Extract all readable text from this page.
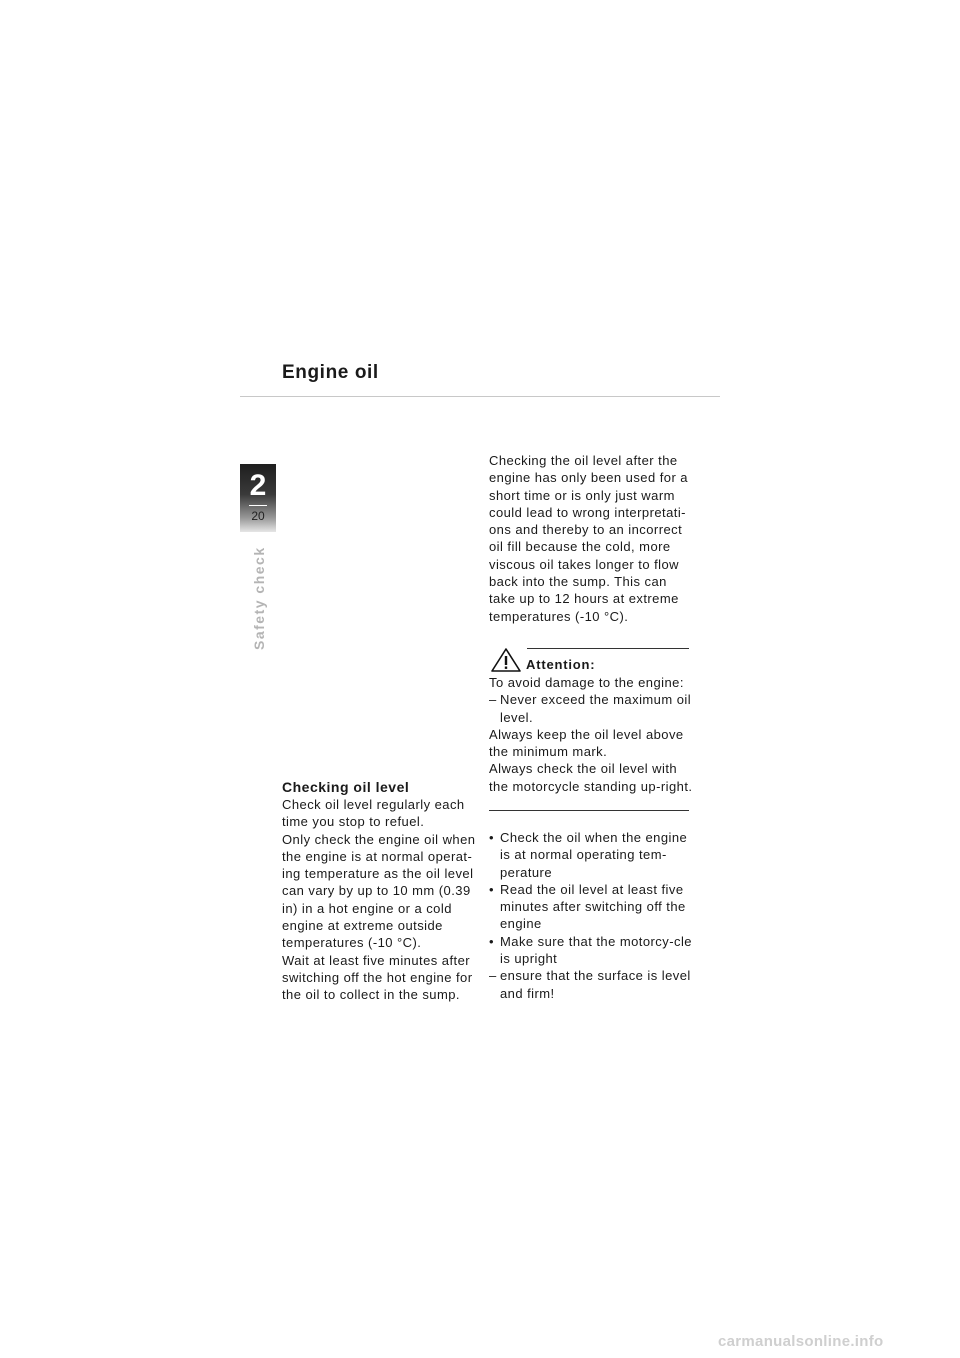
Engine oil
2
20
Safety check

Checking oil level

Check oil level regularly each time you stop to refuel.

Only check the engine oil when the engine is at normal operat-ing temperature as the oil level can vary by up to 10 mm (0.39 in) in a hot engine or a cold engine at extreme outside temperatures (-10 °C).

Wait at least five minutes after switching off the hot engine for the oil to collect in the sump.

Checking the oil level after the engine has only been used for a short time or is only just warm could lead to wrong interpretati-ons and thereby to an incorrect oil fill because the cold, more viscous oil takes longer to flow back into the sump. This can take up to 12 hours at extreme temperatures (-10 °C).

Attention:

To avoid damage to the engine:

– Never exceed the maximum oil level.

Always keep the oil level above the minimum mark.

Always check the oil level with the motorcycle standing up-right.

• Check the oil when the engine is at normal operating tem-perature

• Read the oil level at least five minutes after switching off the engine

• Make sure that the motorcy-cle is upright

– ensure that the surface is level and firm!

carmanualsonline.info
